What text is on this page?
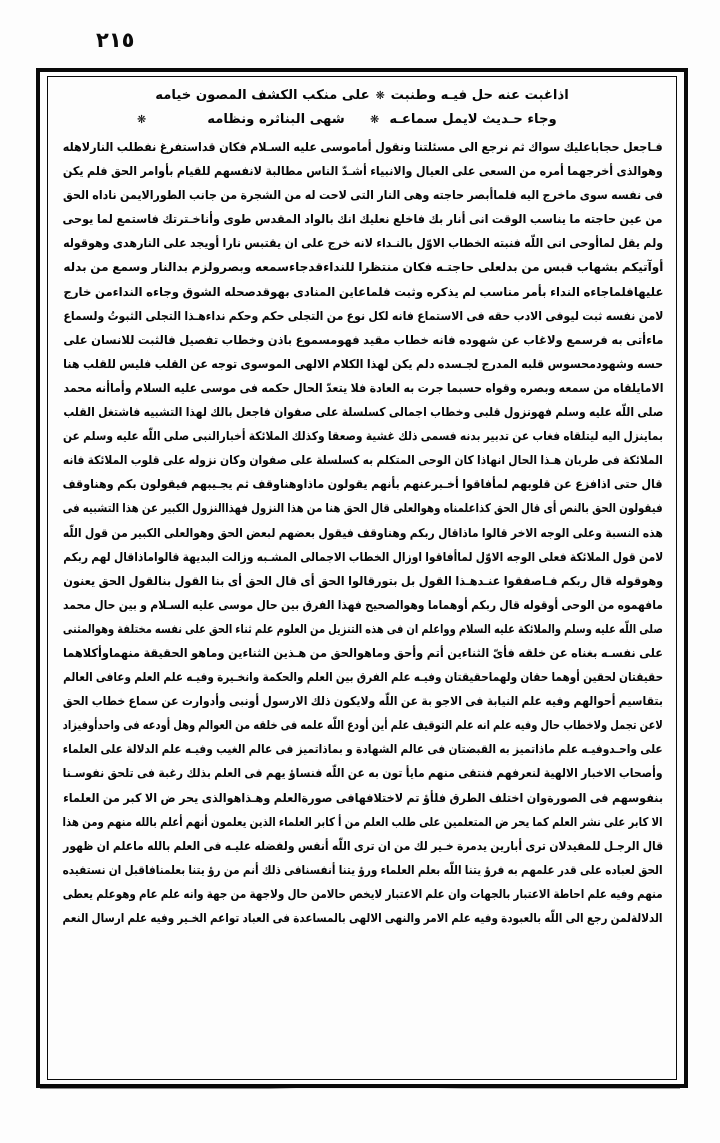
٢١٥
اذاغبت عنه حل فيـه وطنبت❋على منكب الكشف المصون خيامه
وجاء حـديث لايمل سماعـه❋شهى البناثره ونظامه❋
فـاجعل حجاباعليك سواك ثم نرجع الى مسئلتنا ونقول أماموسى عليه السـلام فكان قداستفرغ نفطلب النارلاهله
وهوالذى أخرجهما أمره من السعى على العيال والانبياء أشـدّ الناس مطالبة لانفسهم للقيام بأوامر الحق فلم يكن
فى نفسه سوى ماخرج اليه فلماأبصر حاجته وهى النار التى لاحت له من الشجرة من جانب الطورالايمن ناداه الحق
من عين حاجته ما يناسب الوقت انى أنار بك فاخلع نعليك انك بالواد المقدس طوى وأناخـترتك فاستمع لما يوحى
ولم يقل لماأوحى انى اللّه فنبته الخطاب الاوّل بالنـداء لانه خرج على ان يقتبس نارا أويجد على النارهدى وهوقوله
أوآتيكم بشهاب قبس من بدلعلى حاجتـه فكان منتظرا للنداءقدجاءسمعه وبصرولزم بدالنار وسمع من بدله
عليهافلماجاءه النداء بأمر مناسب لم يذكره وثبت فلماعاين المنادى بهوقدصحله الشوق وجاءه النداءمن خارج
لامن نفسه ثبت ليوفى الادب حقه فى الاستماع فانه لكل نوع من التجلى حكم وحكم نداءهـذا التجلى الثبوتُ ولسماع
ماءأتى به فرسمع ولاغاب عن شهوده فانه خطاب مقيد فهومسموع باذن وخطاب تفصيل فالثبت للانسان على
حسه وشهودمحسوس قلبه المدرج لجـسده دلم يكن لهذا الكلام الالهى الموسوى توجه عن القلب فليس للقلب هنا
الامايلقاه من سمعه وبصره وقواه حسبما جرت به العادة فلا يتعدّ الحال حكمه فى موسى عليه السلام وأماأنه محمد
صلى اللّه عليه وسلم فهونزول قلبى وخطاب اجمالى كسلسلة على صفوان فاجعل بالك لهذا التشبيه فاشتغل القلب
بماينزل اليه ليتلقاه فغاب عن تدبير بدنه فسمى ذلك غشية وصعقا وكذلك الملائكة أخبارالنبى صلى اللّه عليه وسلم عن
الملائكة فى طربان هـذا الحال انهاذا كان الوحى المتكلم به كسلسلة على صفوان وكان نزوله على قلوب الملائكة فانه
قال حتى اذافزع عن قلوبهم لمأفاقوا أخـبرعنهم بأنهم يقولون ماذاوهناوقف ثم يجـيبهم فيقولون بكم وهناوقف
فيقولون الحق بالنص أى قال الحق كذاعلمناه وهوالعلى قال الحق هنا من هذا النزول فهذاالنزول الكبير عن هذا التشبيه فى
هذه النسبة وعلى الوجه الاخر قالوا ماذاقال ربكم وهناوقف فيقول بعضهم لبعض الحق وهوالعلى الكبير من قول اللّه
لامن قول الملائكة فعلى الوجه الاوّل لماأفاقوا اوزال الخطاب الاجمالى المشـبه وزالت البديهة قالواماذاقال لهم ربكم
وهوقوله قال ربكم فـاصفقوا عنـدهـذا القول بل بتورقالوا الحق أى قال الحق أى بنا القول بنالقول الحق يعنون
مافهموه من الوحى أوقوله قال ربكم أوهماما وهوالصحيح فهذا الفرق بين حال موسى عليه السـلام و بين حال محمد
صلى اللّه عليه وسلم والملائكة عليه السلام وواعلم ان فى هذه التنزيل من العلوم علم ثناء الحق على نفسه مختلفة وهوالمثنى
على نفسـه بغناه عن خلقه فأىّ الثناءين أتم وأحق وماهوالحق من هـذين الثناءين وماهو الحقيقة منهماوأكلاهما
حقيقتان لحقين أوهما حقان ولهماحقيقتان وفيـه علم الفرق بين العلم والحكمة وانخـيرة وفيـه علم العلم وعافى العالم
بتقاسيم أحوالهم وفيه علم النيابة فى الاجو بة عن اللّه ولايكون ذلك الارسول أونبى وأدوارت عن سماع خطاب الحق
لاعن تجمل ولاخطاب حال وفيه علم انه علم التوقيف علم أين أودع اللّه علمه فى خلقه من العوالم وهل أودعه فى واحدأوفيزاد
على واحـدوفيـه علم ماذاتميز به القبضتان فى عالم الشهادة و بماذاتميز فى عالم الغيب وفيـه علم الدلالة على العلماء
وأصحاب الاخبار الالهية لنعرفهم فنتقى منهم مايأ تون به عن اللّه فنساؤ يهم فى العلم بذلك رغبة فى تلحق نفوسـنا
بنفوسهم فى الصورةوان اختلف الطرق فلأؤ تم لاختلافهافى صورةالعلم وهـذاهوالذى يحر ض الا كبر من العلماء
الا كابر على نشر العلم كما يحر ض المتعلمين على طلب العلم من أ كابر العلماء الذين يعلمون أنهم أعلم بالله منهم ومن هذا
قال الرجـل للمفيدلان ترى أبارين يدمرة خـير لك من ان ترى اللّه أنفس ولفضله عليـه فى العلم بالله ماعلم ان ظهور
الحق لعباده على قدر علمهم به فرؤ يتنا اللّه بعلم العلماء ورؤ يتنا أنفسنافى ذلك أنم من رؤ يتنا بعلمنافاقبل ان نستفيده
منهم وفيه علم احاطة الاعتبار بالجهات وان علم الاعتبار لايخص حالامن حال ولاجهة من جهة وانه علم عام وهوعلم يعطى
الدلالةلمن رجع الى اللّه بالعبودة وفيه علم الامر والنهى الالهى بالمساعدة فى العباد تواعم الخـير وفيه علم ارسال النعم
